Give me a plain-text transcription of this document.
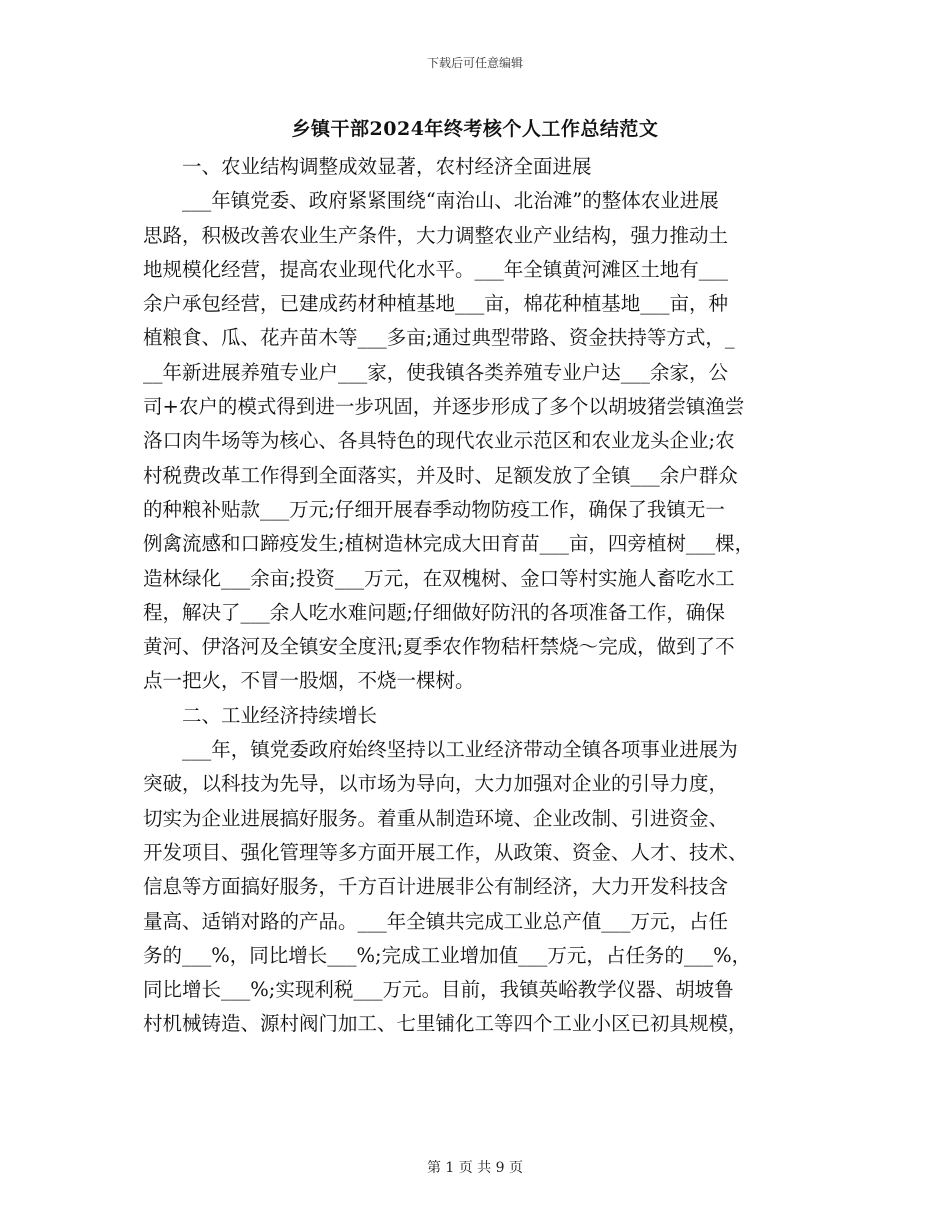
下载后可任意编辑
乡镇干部2024年终考核个人工作总结范文
　　一、农业结构调整成效显著，农村经济全面进展
　　___年镇党委、政府紧紧围绕“南治山、北治滩”的整体农业进展
思路，积极改善农业生产条件，大力调整农业产业结构，强力推动土
地规模化经营，提高农业现代化水平。___年全镇黄河滩区土地有___
余户承包经营，已建成药材种植基地___亩，棉花种植基地___亩，种
植粮食、瓜、花卉苗木等___多亩;通过典型带路、资金扶持等方式，_
__年新进展养殖专业户___家，使我镇各类养殖专业户达___余家，公
司+农户的模式得到进一步巩固，并逐步形成了多个以胡坡猪尝镇渔尝
洛口肉牛场等为核心、各具特色的现代农业示范区和农业龙头企业;农
村税费改革工作得到全面落实，并及时、足额发放了全镇___余户群众
的种粮补贴款___万元;仔细开展春季动物防疫工作，确保了我镇无一
例禽流感和口蹄疫发生;植树造林完成大田育苗___亩，四旁植树___棵，
造林绿化___余亩;投资___万元，在双槐树、金口等村实施人畜吃水工
程，解决了___余人吃水难问题;仔细做好防汛的各项准备工作，确保
黄河、伊洛河及全镇安全度汛;夏季农作物秸杆禁烧～完成，做到了不
点一把火，不冒一股烟，不烧一棵树。
　　二、工业经济持续增长
　　___年，镇党委政府始终坚持以工业经济带动全镇各项事业进展为
突破，以科技为先导，以市场为导向，大力加强对企业的引导力度，
切实为企业进展搞好服务。着重从制造环境、企业改制、引进资金、
开发项目、强化管理等多方面开展工作，从政策、资金、人才、技术、
信息等方面搞好服务，千方百计进展非公有制经济，大力开发科技含
量高、适销对路的产品。___年全镇共完成工业总产值___万元，占任
务的___%，同比增长___%;完成工业增加值___万元，占任务的___%，
同比增长___%;实现利税___万元。目前，我镇英峪教学仪器、胡坡鲁
村机械铸造、源村阀门加工、七里铺化工等四个工业小区已初具规模，
第 1 页 共 9 页
